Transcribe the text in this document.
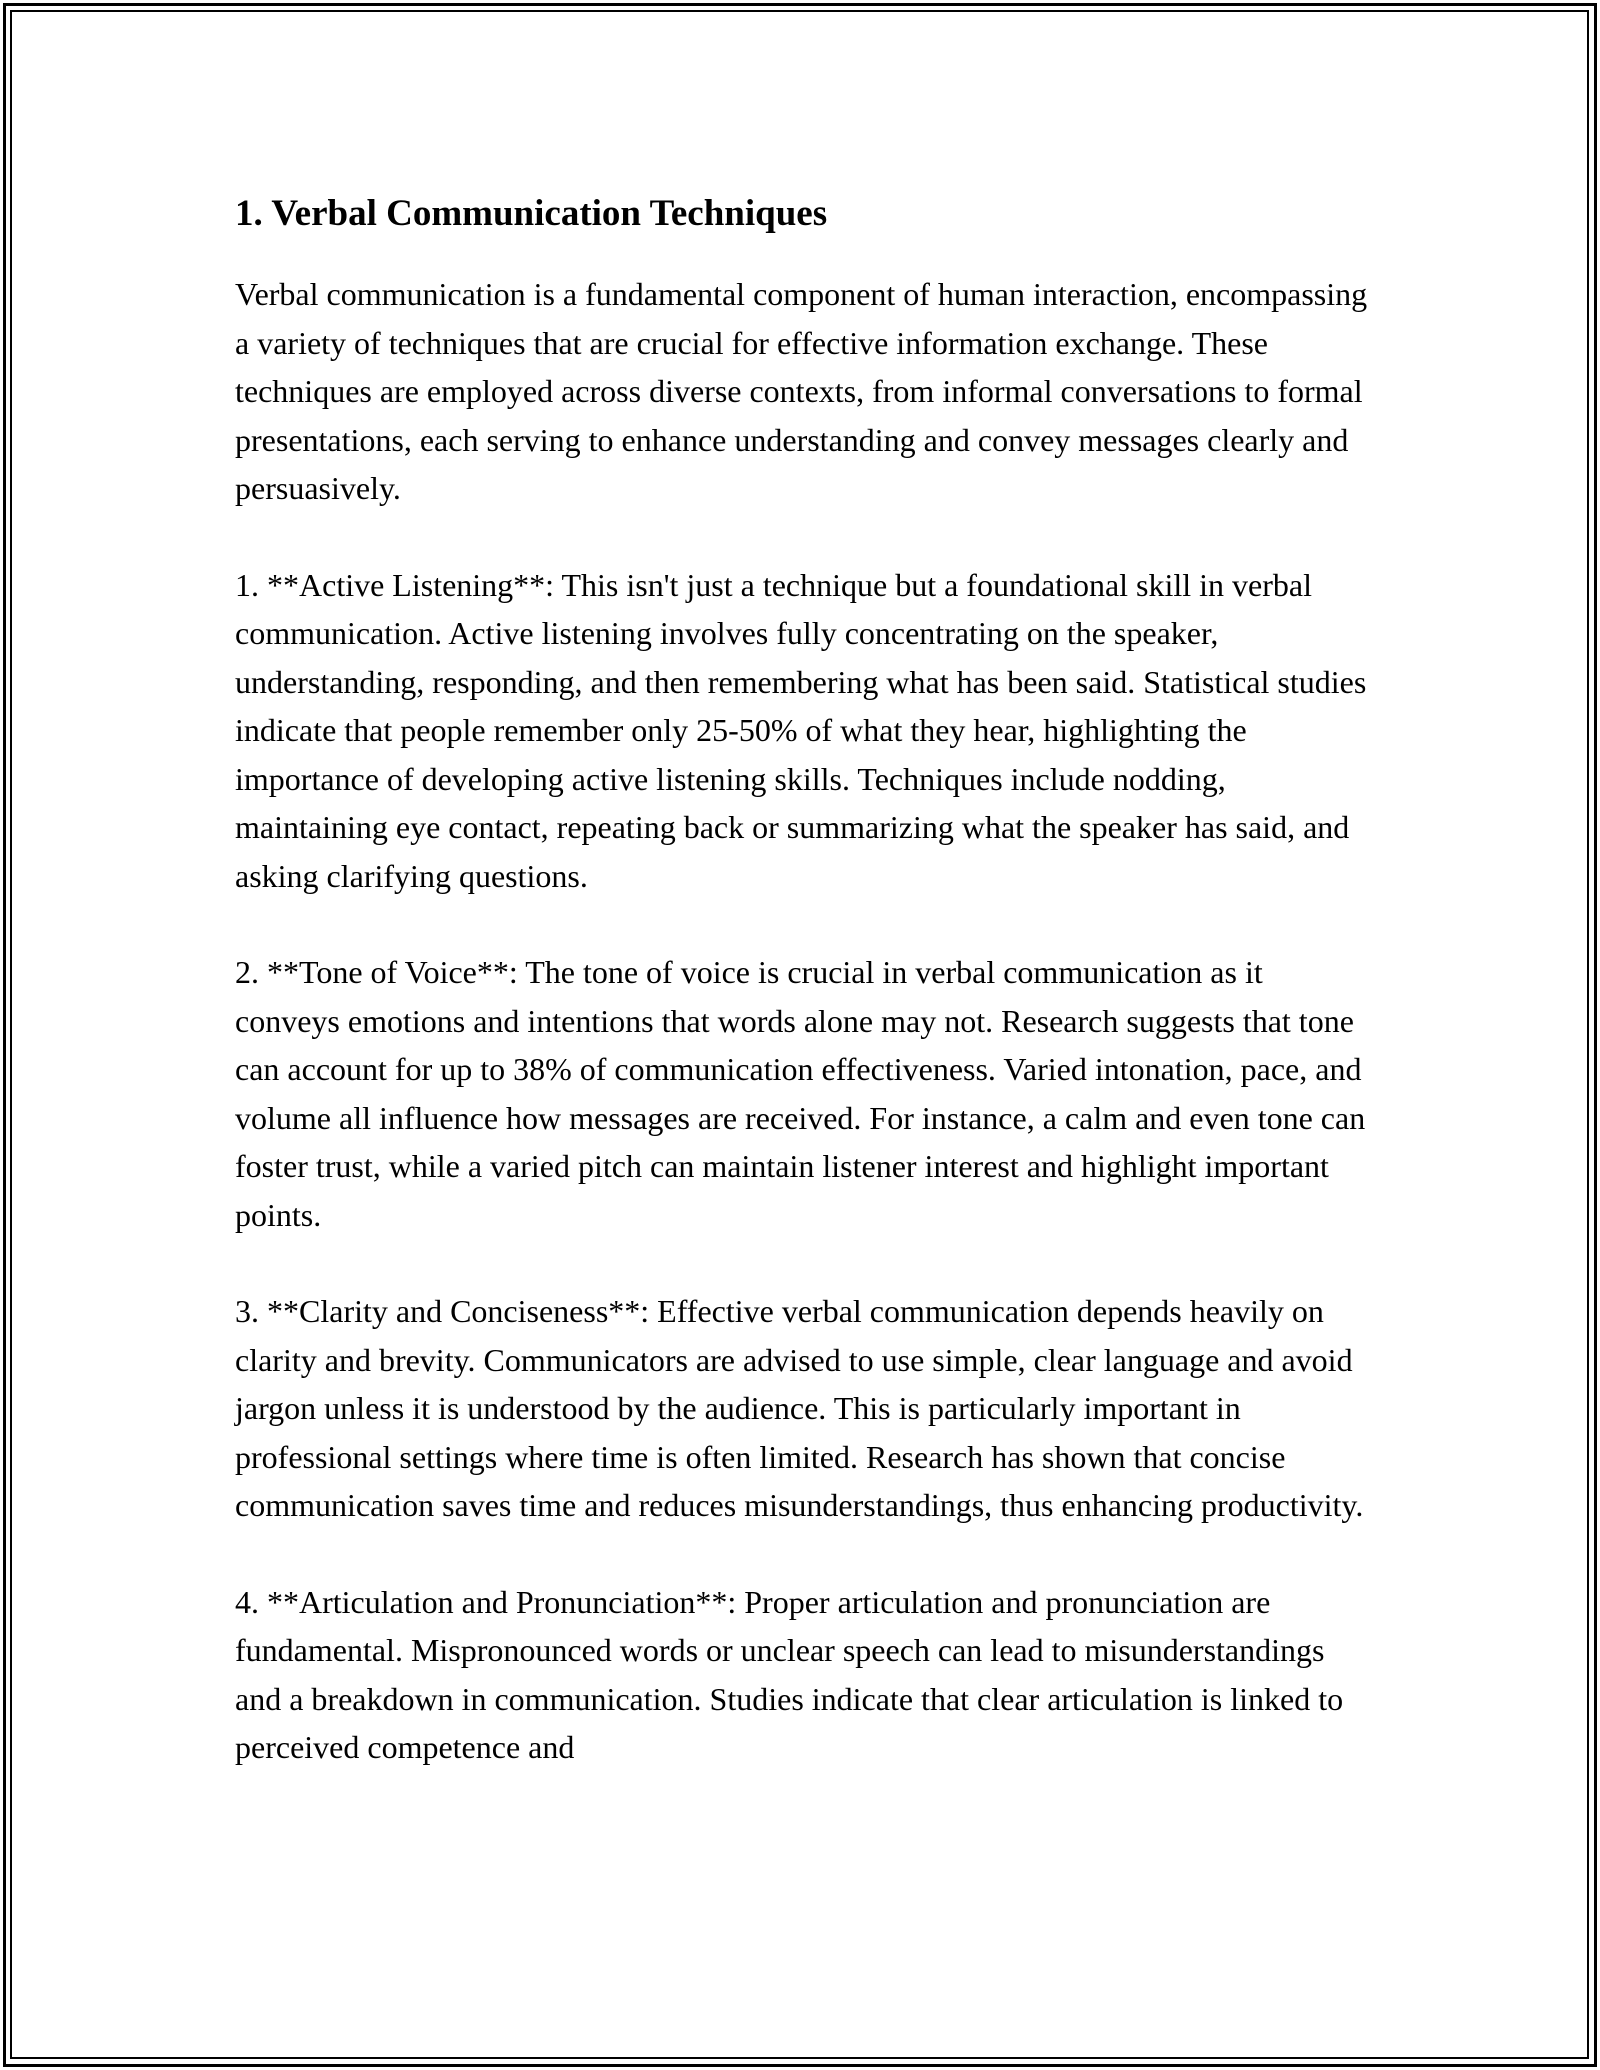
1. Verbal Communication Techniques

Verbal communication is a fundamental component of human interaction, encompassing a variety of techniques that are crucial for effective information exchange. These techniques are employed across diverse contexts, from informal conversations to formal presentations, each serving to enhance understanding and convey messages clearly and persuasively.

1. **Active Listening**: This isn't just a technique but a foundational skill in verbal communication. Active listening involves fully concentrating on the speaker, understanding, responding, and then remembering what has been said. Statistical studies indicate that people remember only 25-50% of what they hear, highlighting the importance of developing active listening skills. Techniques include nodding, maintaining eye contact, repeating back or summarizing what the speaker has said, and asking clarifying questions.

2. **Tone of Voice**: The tone of voice is crucial in verbal communication as it conveys emotions and intentions that words alone may not. Research suggests that tone can account for up to 38% of communication effectiveness. Varied intonation, pace, and volume all influence how messages are received. For instance, a calm and even tone can foster trust, while a varied pitch can maintain listener interest and highlight important points.

3. **Clarity and Conciseness**: Effective verbal communication depends heavily on clarity and brevity. Communicators are advised to use simple, clear language and avoid jargon unless it is understood by the audience. This is particularly important in professional settings where time is often limited. Research has shown that concise communication saves time and reduces misunderstandings, thus enhancing productivity.

4. **Articulation and Pronunciation**: Proper articulation and pronunciation are fundamental. Mispronounced words or unclear speech can lead to misunderstandings and a breakdown in communication. Studies indicate that clear articulation is linked to perceived competence and
